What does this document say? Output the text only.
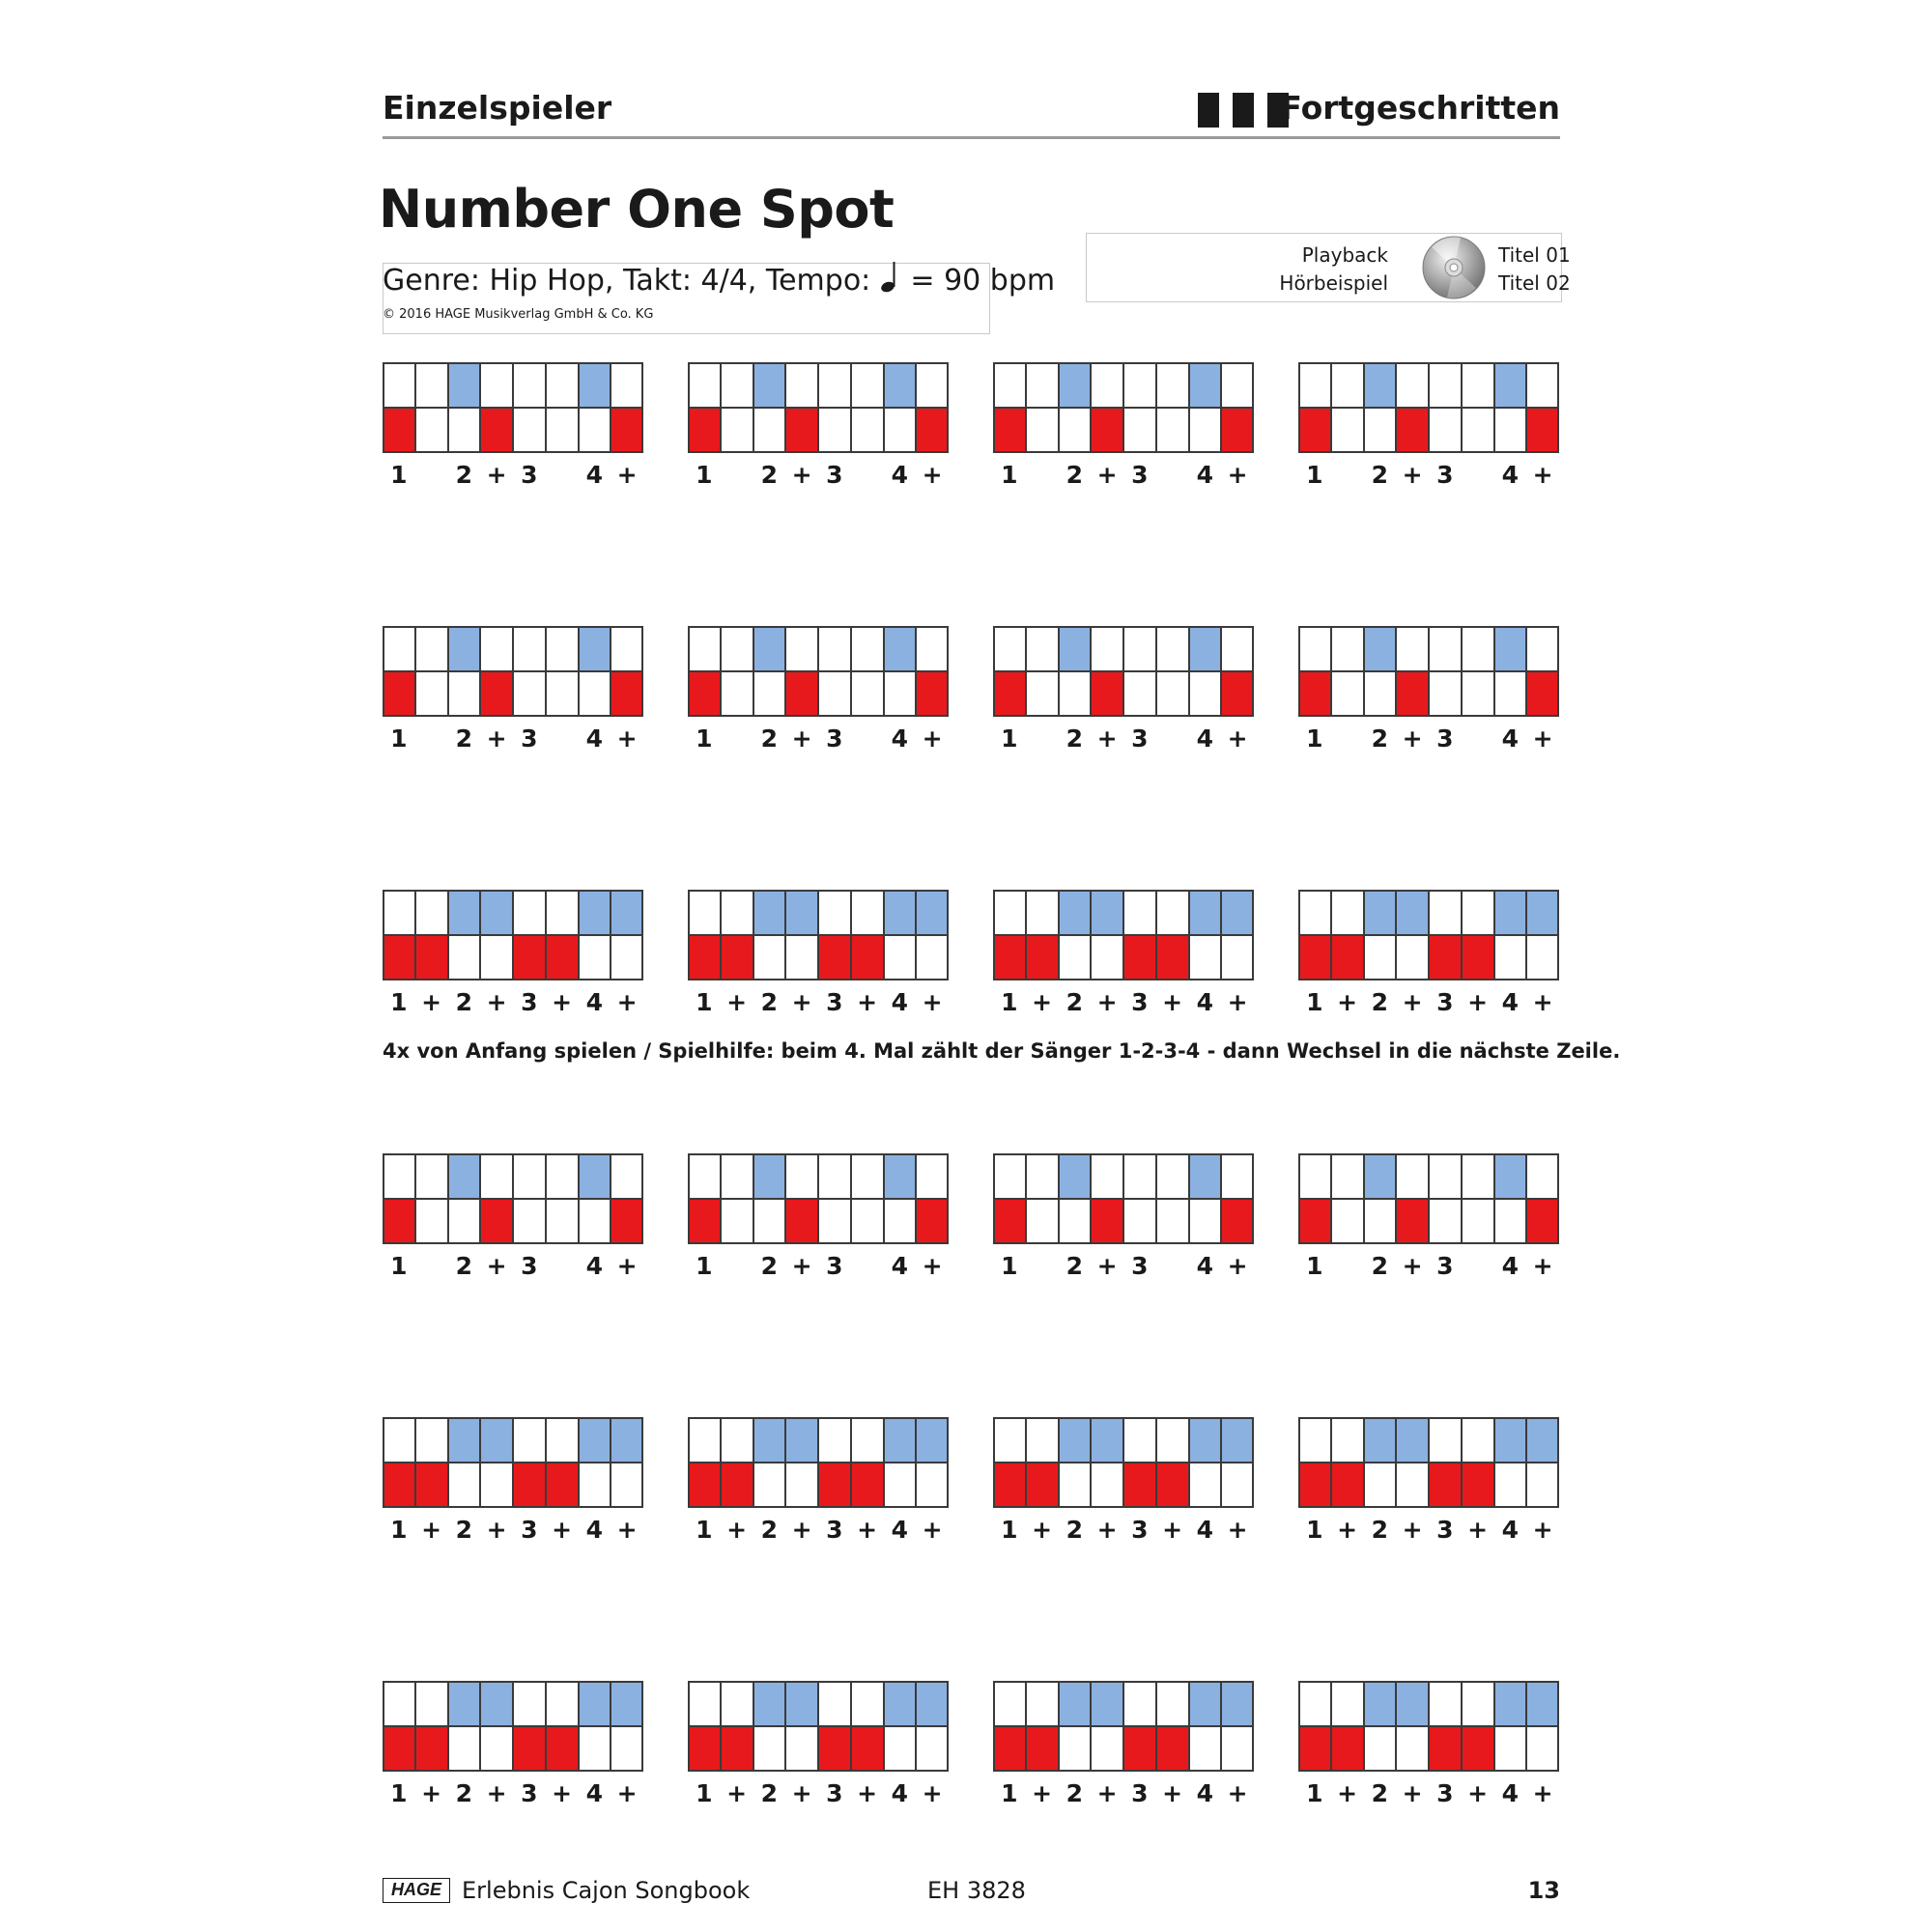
Einzelspieler	Fortgeschritten
Number One Spot
Genre: Hip Hop, Takt: 4/4, Tempo: = 90 bpm
© 2016 HAGE Musikverlag GmbH & Co. KG
Playback
Hörbeispiel
Titel 01
Titel 02
1	2 + 3	4 +	1	2 + 3	4 +	1	2 + 3	4 +	1	2 + 3	4 +
1	2 + 3	4 +	1	2 + 3	4 +	1	2 + 3	4 +	1	2 + 3	4 +
1 + 2 + 3 + 4 +	1 + 2 + 3 + 4 +	1 + 2 + 3 + 4 +	1 + 2 + 3 + 4 +
1	2 + 3	4 +	1	2 + 3	4 +	1	2 + 3	4 +	1	2 + 3	4 +
1 + 2 + 3 + 4 +	1 + 2 + 3 + 4 +	1 + 2 + 3 + 4 +	1 + 2 + 3 + 4 +
1 + 2 + 3 + 4 +	1 + 2 + 3 + 4 +	1 + 2 + 3 + 4 +	1 + 2 + 3 + 4 +
4x von Anfang spielen / Spielhilfe: beim 4. Mal zählt der Sänger 1-2-3-4 - dann Wechsel in die nächste Zeile.
HAGE Erlebnis Cajon Songbook	EH 3828	13
